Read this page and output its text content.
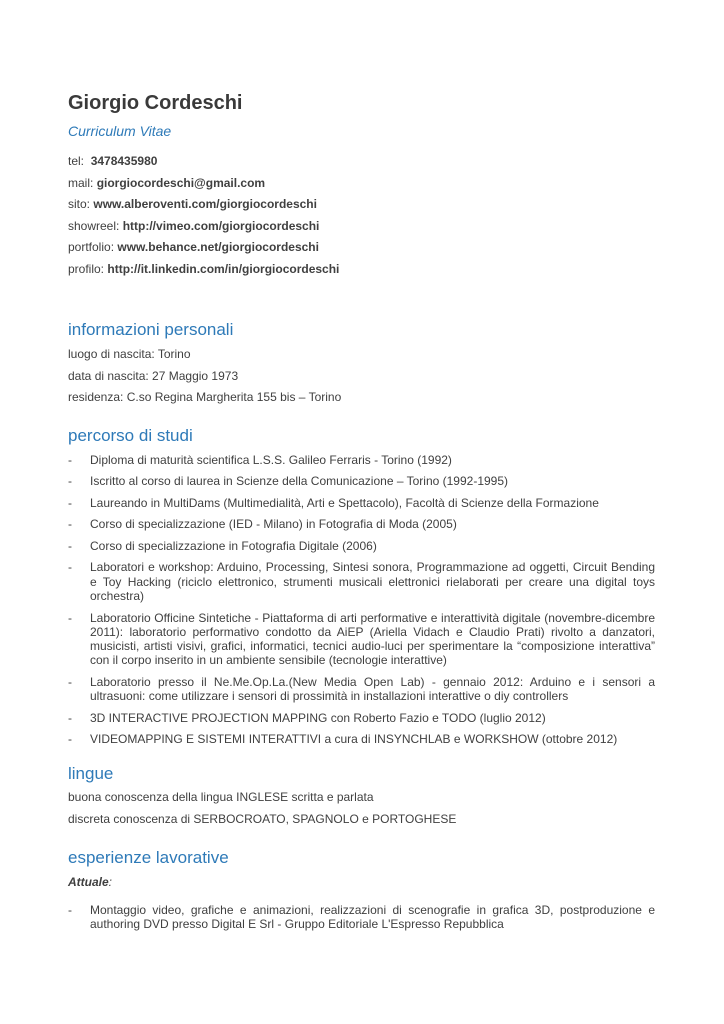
Giorgio Cordeschi
Curriculum Vitae
tel: 3478435980
mail: giorgiocordeschi@gmail.com
sito: www.alberoventi.com/giorgiocordeschi
showreel: http://vimeo.com/giorgiocordeschi
portfolio: www.behance.net/giorgiocordeschi
profilo: http://it.linkedin.com/in/giorgiocordeschi
informazioni personali
luogo di nascita: Torino
data di nascita: 27 Maggio 1973
residenza: C.so Regina Margherita 155 bis – Torino
percorso di studi
- Diploma di maturità scientifica L.S.S. Galileo Ferraris - Torino (1992)
- Iscritto al corso di laurea in Scienze della Comunicazione – Torino (1992-1995)
- Laureando in MultiDams (Multimedialità, Arti e Spettacolo), Facoltà di Scienze della Formazione
- Corso di specializzazione (IED - Milano) in Fotografia di Moda (2005)
- Corso di specializzazione in Fotografia Digitale (2006)
- Laboratori e workshop: Arduino, Processing, Sintesi sonora, Programmazione ad oggetti, Circuit Bending e Toy Hacking (riciclo elettronico, strumenti musicali elettronici rielaborati per creare una digital toys orchestra)
- Laboratorio Officine Sintetiche - Piattaforma di arti performative e interattività digitale (novembre-dicembre 2011): laboratorio performativo condotto da AiEP (Ariella Vidach e Claudio Prati) rivolto a danzatori, musicisti, artisti visivi, grafici, informatici, tecnici audio-luci per sperimentare la “composizione interattiva” con il corpo inserito in un ambiente sensibile (tecnologie interattive)
- Laboratorio presso il Ne.Me.Op.La.(New Media Open Lab) - gennaio 2012: Arduino e i sensori a ultrasuoni: come utilizzare i sensori di prossimità in installazioni interattive o diy controllers
- 3D INTERACTIVE PROJECTION MAPPING con Roberto Fazio e TODO (luglio 2012)
- VIDEOMAPPING E SISTEMI INTERATTIVI a cura di INSYNCHLAB e WORKSHOW (ottobre 2012)
lingue
buona conoscenza della lingua INGLESE scritta e parlata
discreta conoscenza di SERBOCROATO, SPAGNOLO e PORTOGHESE
esperienze lavorative
Attuale:
- Montaggio video, grafiche e animazioni, realizzazioni di scenografie in grafica 3D, postproduzione e authoring DVD presso Digital E Srl - Gruppo Editoriale L'Espresso Repubblica
